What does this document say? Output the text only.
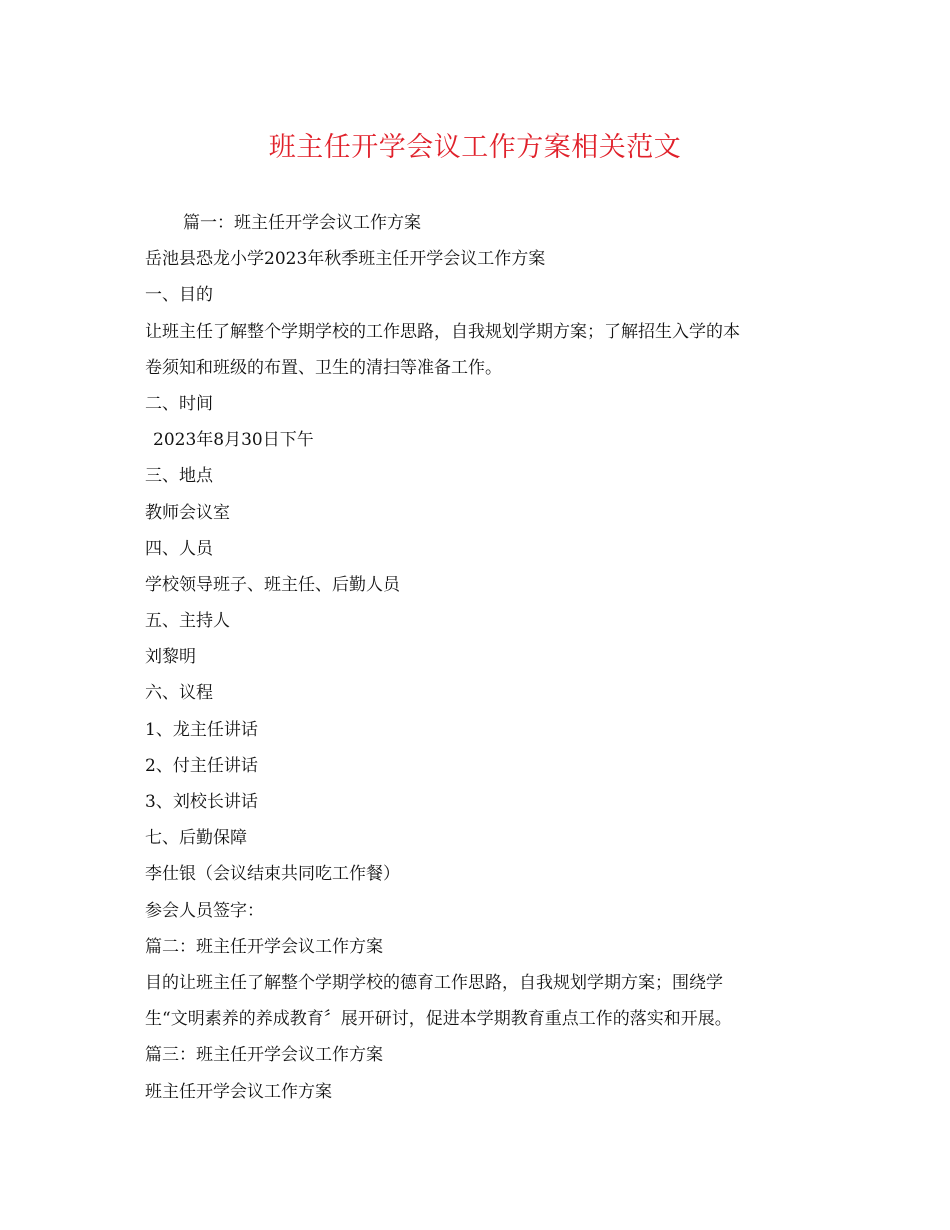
班主任开学会议工作方案相关范文
篇一：班主任开学会议工作方案
岳池县恐龙小学2023年秋季班主任开学会议工作方案
一、目的
让班主任了解整个学期学校的工作思路，自我规划学期方案；了解招生入学的本
卷须知和班级的布置、卫生的清扫等准备工作。
二、时间
2023年8月30日下午
三、地点
教师会议室
四、人员
学校领导班子、班主任、后勤人员
五、主持人
刘黎明
六、议程
1、龙主任讲话
2、付主任讲话
3、刘校长讲话
七、后勤保障
李仕银（会议结束共同吃工作餐）
参会人员签字：
篇二：班主任开学会议工作方案
目的让班主任了解整个学期学校的德育工作思路，自我规划学期方案；围绕学
生“文明素养的养成教育〞展开研讨，促进本学期教育重点工作的落实和开展。
篇三：班主任开学会议工作方案
班主任开学会议工作方案
